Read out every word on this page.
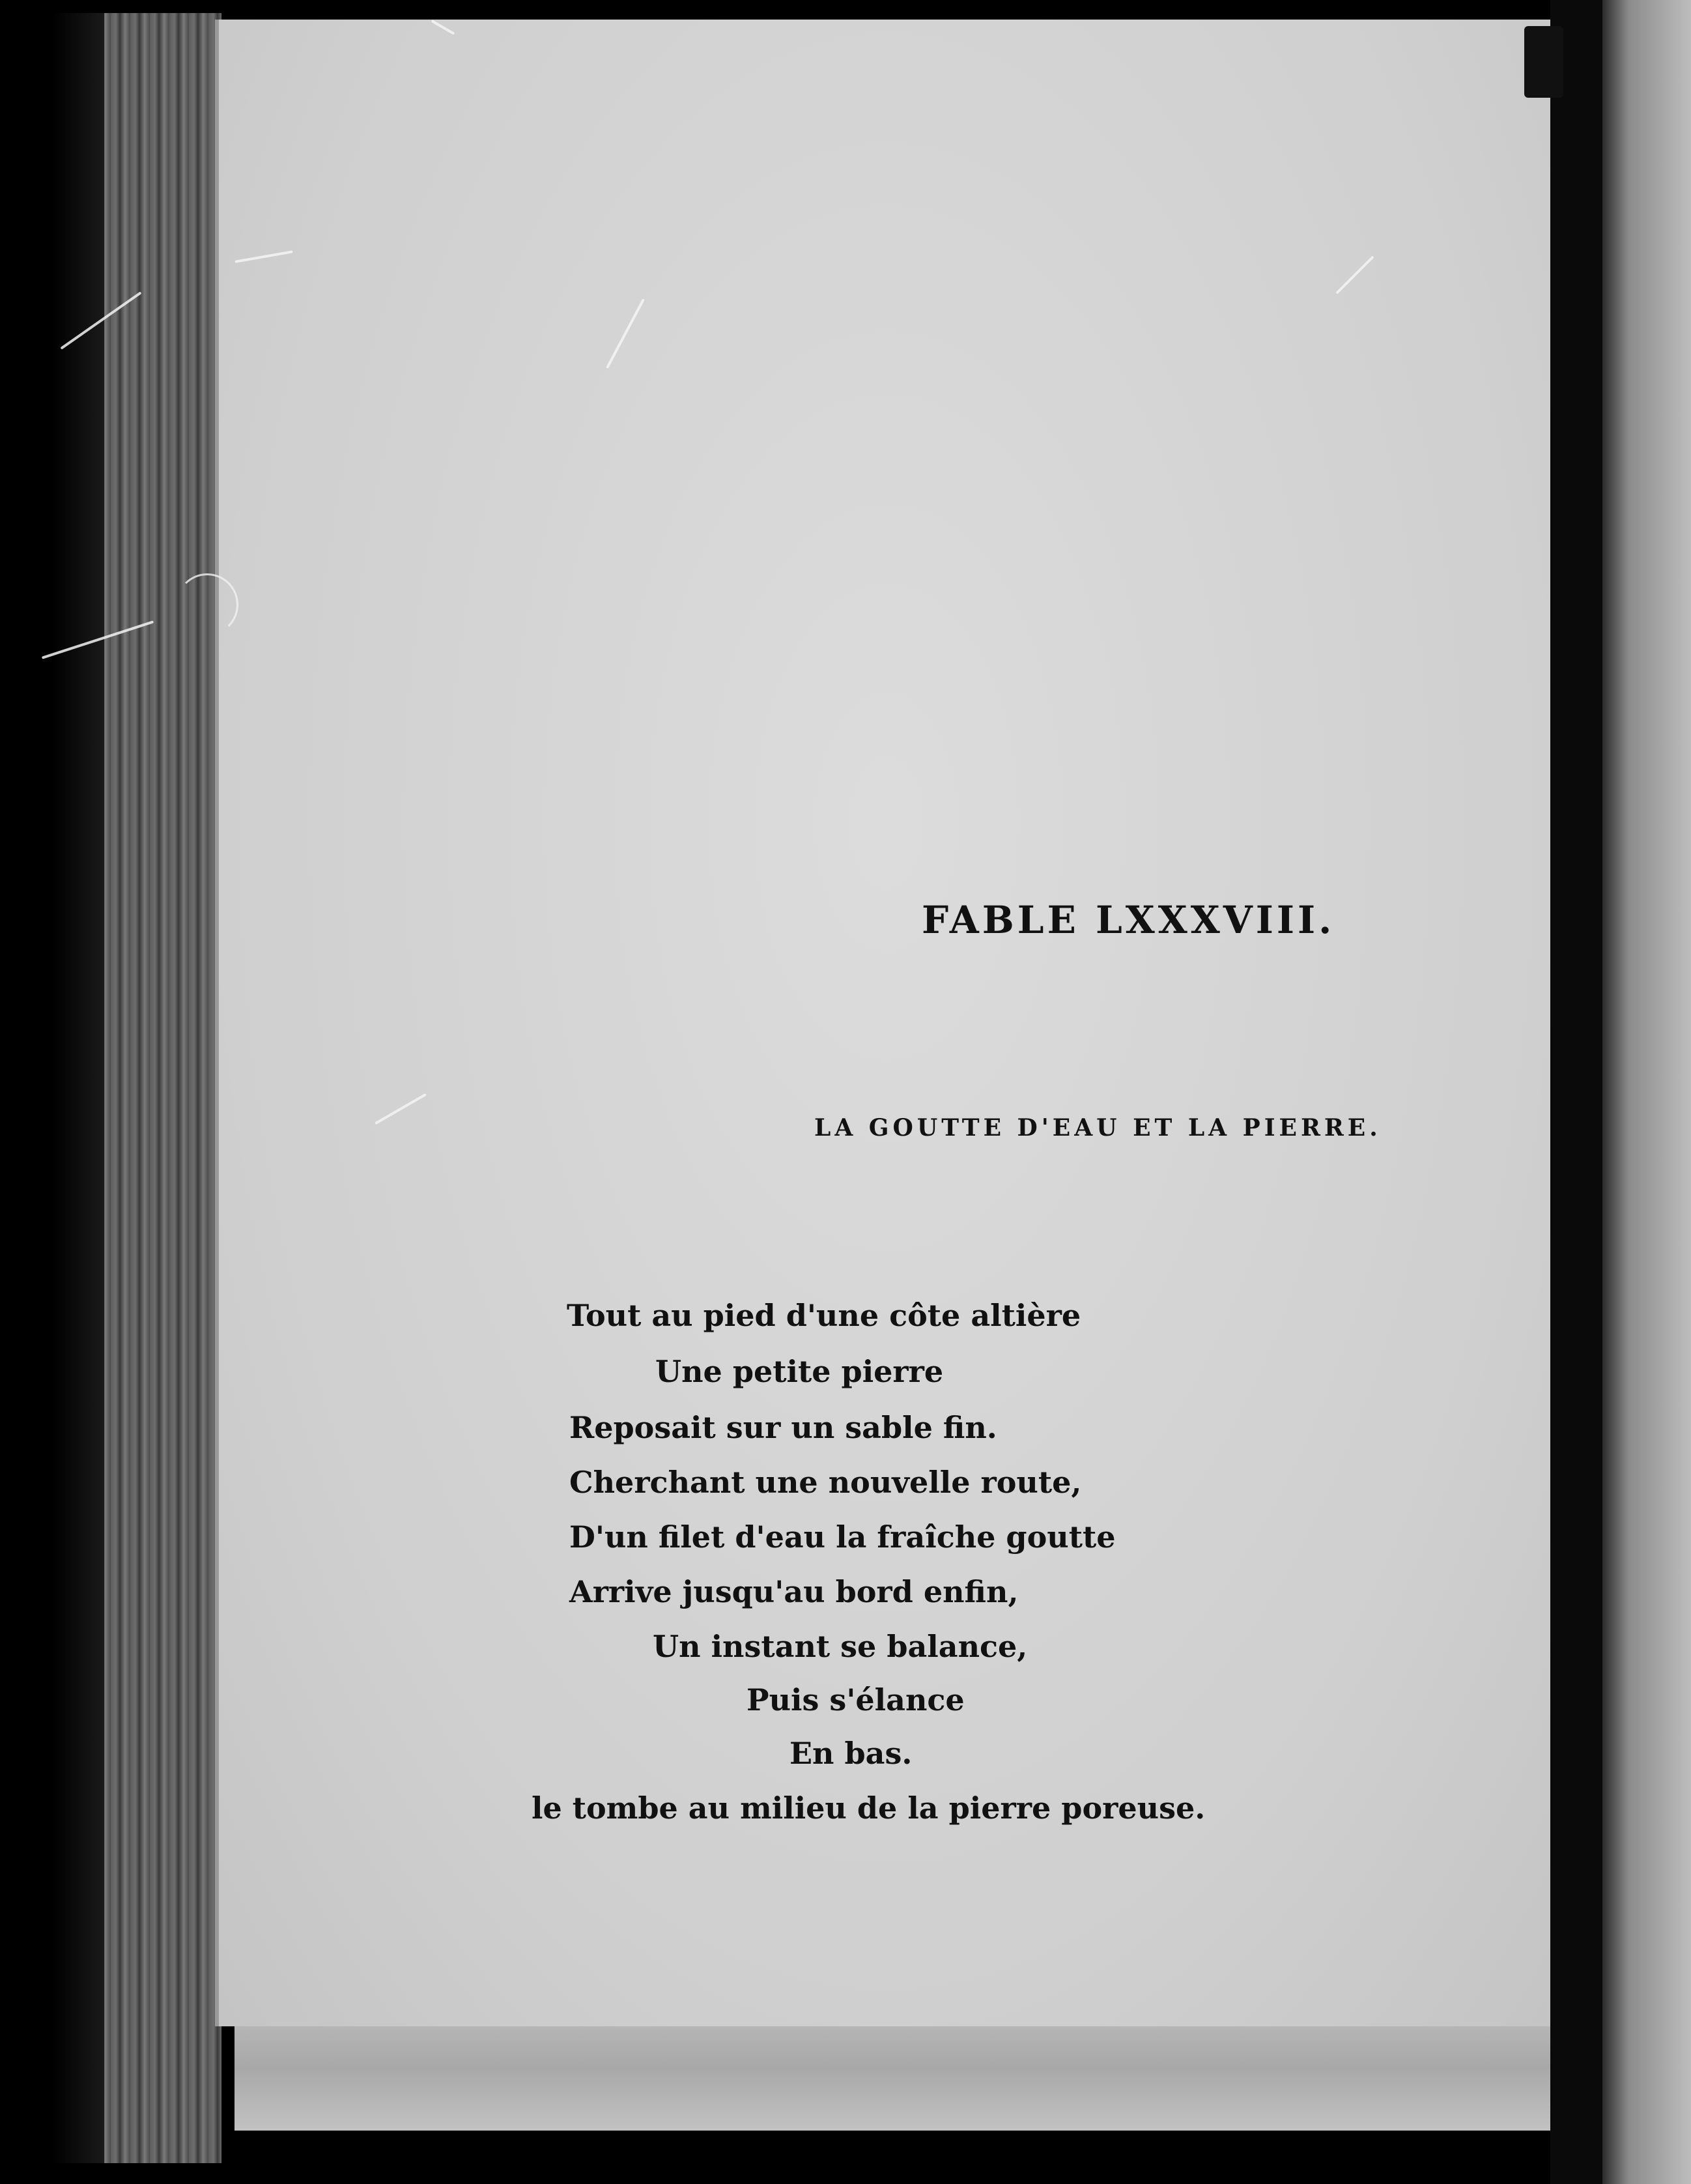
FABLE LXXXVIII.
LA GOUTTE D'EAU ET LA PIERRE.
Tout au pied d'une côte altière
Une petite pierre
Reposait sur un sable fin.
Cherchant une nouvelle route,
D'un filet d'eau la fraîche goutte
Arrive jusqu'au bord enfin,
Un instant se balance,
Puis s'élance
En bas.
le tombe au milieu de la pierre poreuse.
